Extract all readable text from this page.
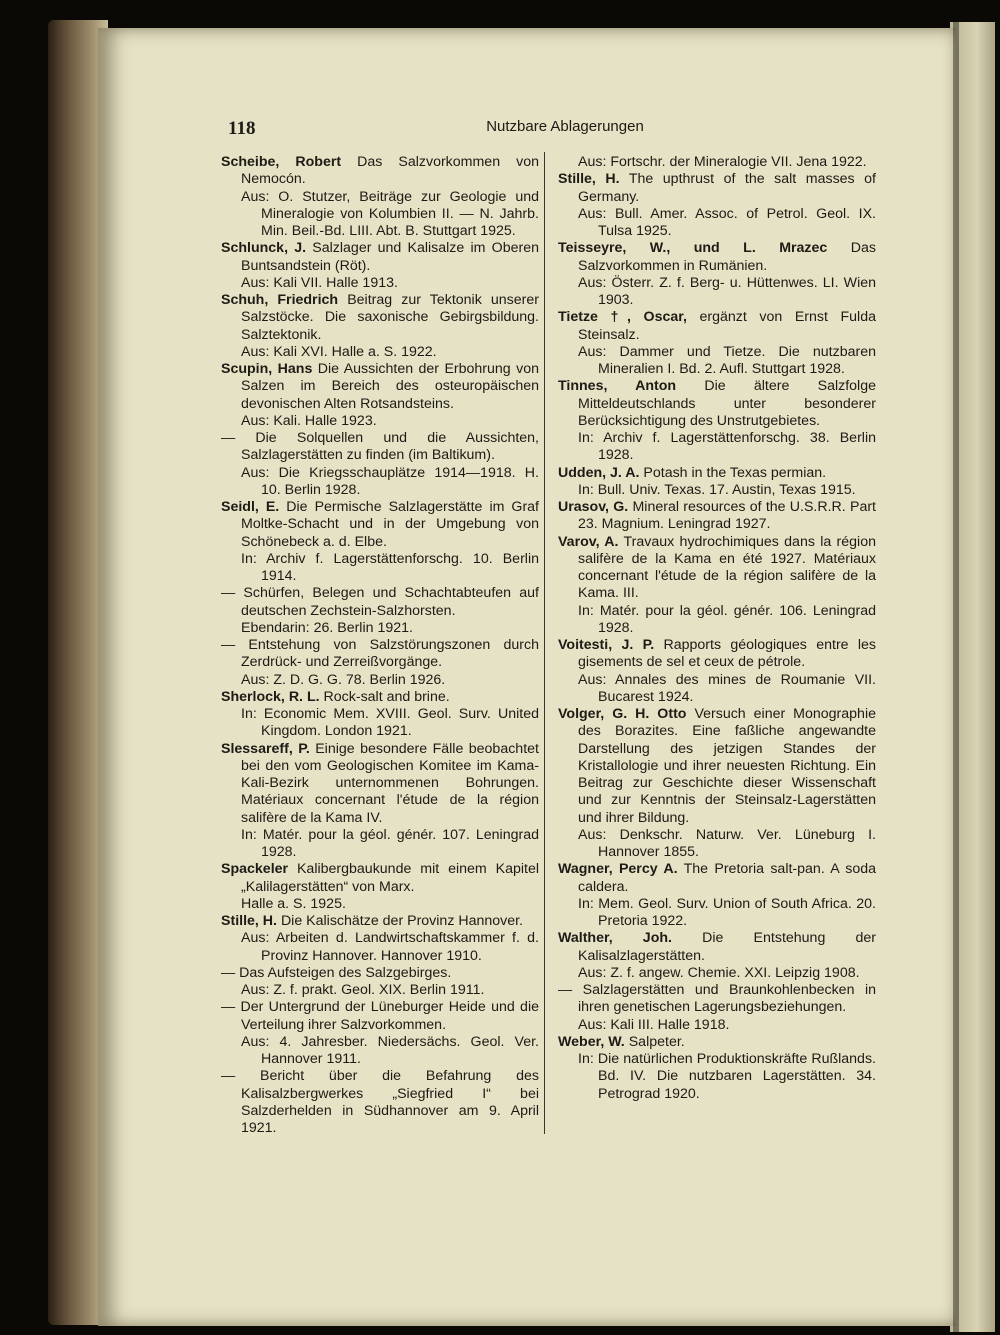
118	Nutzbare Ablagerungen

Scheibe, Robert Das Salzvorkommen von Nemocón.

Aus: O. Stutzer, Beiträge zur Geologie und Mineralogie von Kolumbien II. — N. Jahrb. Min. Beil.-Bd. LIII. Abt. B. Stuttgart 1925.

Schlunck, J. Salzlager und Kalisalze im Oberen Buntsandstein (Röt).

Aus: Kali VII. Halle 1913.

Schuh, Friedrich Beitrag zur Tektonik unserer Salzstöcke. Die saxonische Gebirgsbildung. Salztektonik.

Aus: Kali XVI. Halle a. S. 1922.

Scupin, Hans Die Aussichten der Erbohrung von Salzen im Bereich des osteuropäischen devonischen Alten Rotsandsteins.

Aus: Kali. Halle 1923.

— Die Solquellen und die Aussichten, Salzlagerstätten zu finden (im Baltikum).

Aus: Die Kriegsschauplätze 1914—1918. H. 10. Berlin 1928.

Seidl, E. Die Permische Salzlagerstätte im Graf Moltke-Schacht und in der Umgebung von Schönebeck a. d. Elbe.

In: Archiv f. Lagerstättenforschg. 10. Berlin 1914.

— Schürfen, Belegen und Schachtabteufen auf deutschen Zechstein-Salzhorsten.

Ebendarin: 26. Berlin 1921.

— Entstehung von Salzstörungszonen durch Zerdrück- und Zerreißvorgänge.

Aus: Z. D. G. G. 78. Berlin 1926.

Sherlock, R. L. Rock-salt and brine.

In: Economic Mem. XVIII. Geol. Surv. United Kingdom. London 1921.

Slessareff, P. Einige besondere Fälle beobachtet bei den vom Geologischen Komitee im Kama-Kali-Bezirk unternommenen Bohrungen. Matériaux concernant l'étude de la région salifère de la Kama IV.

In: Matér. pour la géol. génér. 107. Leningrad 1928.

Spackeler Kalibergbaukunde mit einem Kapitel „Kalilagerstätten“ von Marx.

Halle a. S. 1925.

Stille, H. Die Kalischätze der Provinz Hannover.

Aus: Arbeiten d. Landwirtschaftskammer f. d. Provinz Hannover. Hannover 1910.

— Das Aufsteigen des Salzgebirges.

Aus: Z. f. prakt. Geol. XIX. Berlin 1911.

— Der Untergrund der Lüneburger Heide und die Verteilung ihrer Salzvorkommen.

Aus: 4. Jahresber. Niedersächs. Geol. Ver. Hannover 1911.

— Bericht über die Befahrung des Kalisalzbergwerkes „Siegfried I“ bei Salzderhelden in Südhannover am 9. April 1921.

Aus: Fortschr. der Mineralogie VII. Jena 1922.

Stille, H. The upthrust of the salt masses of Germany.

Aus: Bull. Amer. Assoc. of Petrol. Geol. IX. Tulsa 1925.

Teisseyre, W., und L. Mrazec Das Salzvorkommen in Rumänien.

Aus: Österr. Z. f. Berg- u. Hüttenwes. LI. Wien 1903.

Tietze †, Oscar, ergänzt von Ernst Fulda Steinsalz.

Aus: Dammer und Tietze. Die nutzbaren Mineralien I. Bd. 2. Aufl. Stuttgart 1928.

Tinnes, Anton Die ältere Salzfolge Mitteldeutschlands unter besonderer Berücksichtigung des Unstrutgebietes.

In: Archiv f. Lagerstättenforschg. 38. Berlin 1928.

Udden, J. A. Potash in the Texas permian.

In: Bull. Univ. Texas. 17. Austin, Texas 1915.

Urasov, G. Mineral resources of the U.S.R.R. Part 23. Magnium. Leningrad 1927.

Varov, A. Travaux hydrochimiques dans la région salifère de la Kama en été 1927. Matériaux concernant l'étude de la région salifère de la Kama. III.

In: Matér. pour la géol. génér. 106. Leningrad 1928.

Voitesti, J. P. Rapports géologiques entre les gisements de sel et ceux de pétrole.

Aus: Annales des mines de Roumanie VII. Bucarest 1924.

Volger, G. H. Otto Versuch einer Monographie des Borazites. Eine faßliche angewandte Darstellung des jetzigen Standes der Kristallologie und ihrer neuesten Richtung. Ein Beitrag zur Geschichte dieser Wissenschaft und zur Kenntnis der Steinsalz-Lagerstätten und ihrer Bildung.

Aus: Denkschr. Naturw. Ver. Lüneburg I. Hannover 1855.

Wagner, Percy A. The Pretoria salt-pan. A soda caldera.

In: Mem. Geol. Surv. Union of South Africa. 20. Pretoria 1922.

Walther, Joh. Die Entstehung der Kalisalzlagerstätten.

Aus: Z. f. angew. Chemie. XXI. Leipzig 1908.

— Salzlagerstätten und Braunkohlenbecken in ihren genetischen Lagerungsbeziehungen.

Aus: Kali III. Halle 1918.

Weber, W. Salpeter.

In: Die natürlichen Produktionskräfte Rußlands. Bd. IV. Die nutzbaren Lagerstätten. 34. Petrograd 1920.
